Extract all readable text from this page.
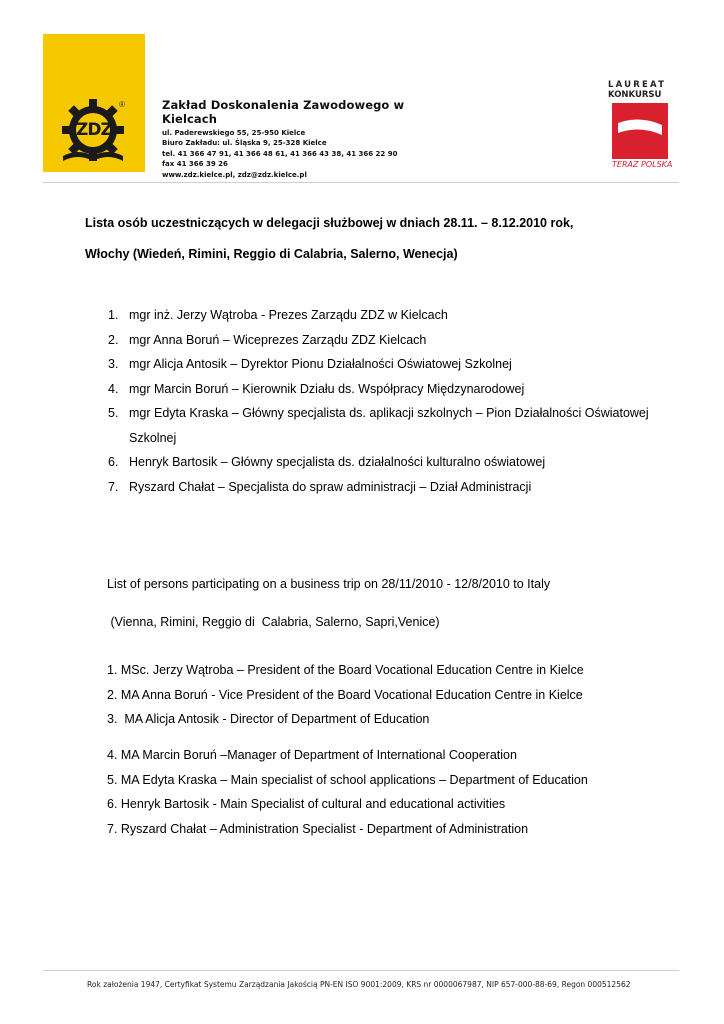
ZDZ
®	Zakład Doskonalenia Zawodowego w Kielcach
ul. Paderewskiego 55, 25-950 Kielce
Biuro Zakładu: ul. Śląska 9, 25-328 Kielce
tel. 41 366 47 91, 41 366 48 61, 41 366 43 38, 41 366 22 90
fax 41 366 39 26
www.zdz.kielce.pl, zdz@zdz.kielce.pl
LAUREAT
KONKURSU
TERAZ POLSKA
Lista osób uczestniczących w delegacji służbowej w dniach 28.11. – 8.12.2010 rok,
Włochy (Wiedeń, Rimini, Reggio di Calabria, Salerno, Wenecja)
1. mgr inż. Jerzy Wątroba - Prezes Zarządu ZDZ w Kielcach
2. mgr Anna Boruń – Wiceprezes Zarządu ZDZ Kielcach
3. mgr Alicja Antosik – Dyrektor Pionu Działalności Oświatowej Szkolnej
4. mgr Marcin Boruń – Kierownik Działu ds. Współpracy Międzynarodowej
5. mgr Edyta Kraska – Główny specjalista ds. aplikacji szkolnych – Pion Działalności Oświatowej
Szkolnej
6. Henryk Bartosik – Główny specjalista ds. działalności kulturalno oświatowej
7. Ryszard Chałat – Specjalista do spraw administracji – Dział Administracji
List of persons participating on a business trip on 28/11/2010 - 12/8/2010 to Italy
(Vienna, Rimini, Reggio di  Calabria, Salerno, Sapri,Venice)
1. MSc. Jerzy Wątroba – President of the Board Vocational Education Centre in Kielce
2. MA Anna Boruń - Vice President of the Board Vocational Education Centre in Kielce
3.  MA Alicja Antosik - Director of Department of Education
4. MA Marcin Boruń –Manager of Department of International Cooperation
5. MA Edyta Kraska – Main specialist of school applications – Department of Education
6. Henryk Bartosik - Main Specialist of cultural and educational activities
7. Ryszard Chałat – Administration Specialist - Department of Administration
Rok założenia 1947, Certyfikat Systemu Zarządzania Jakością PN-EN ISO 9001:2009, KRS nr 0000067987, NIP 657-000-88-69, Regon 000512562
